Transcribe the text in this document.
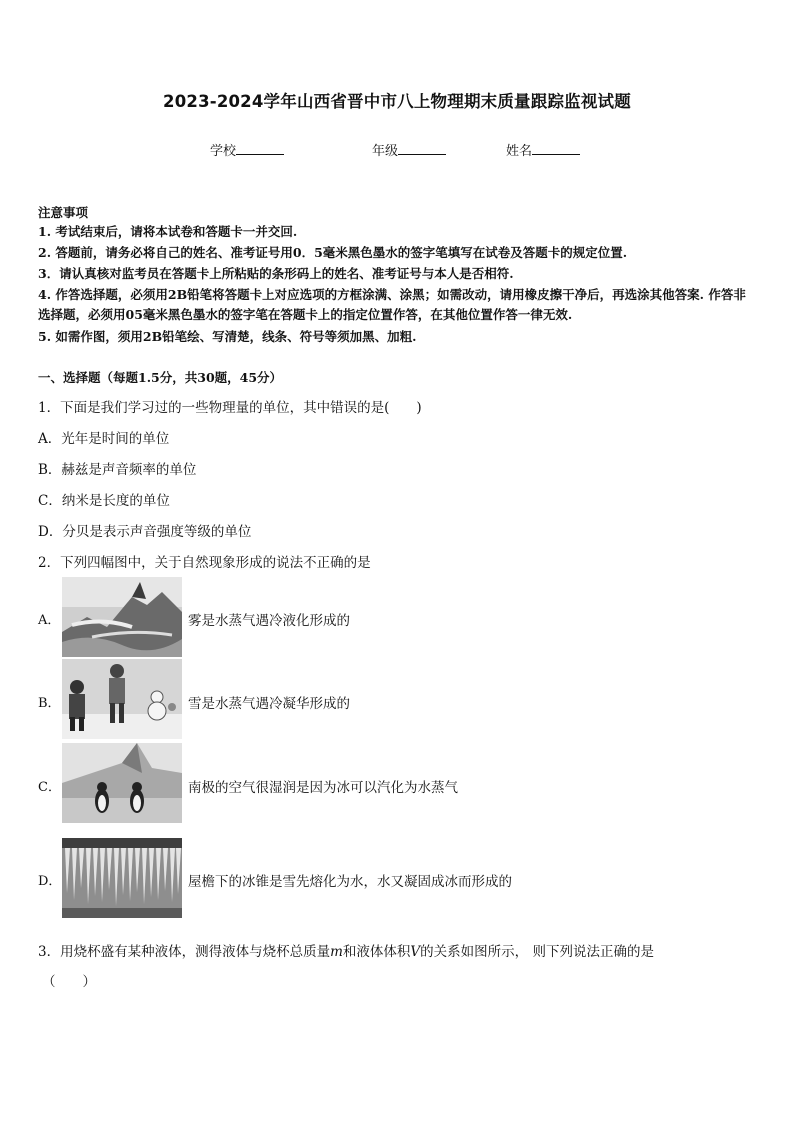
2023-2024学年山西省晋中市八上物理期末质量跟踪监视试题
学校	年级	姓名
注意事项
1. 考试结束后，请将本试卷和答题卡一并交回.
2. 答题前，请务必将自己的姓名、准考证号用0．5毫米黑色墨水的签字笔填写在试卷及答题卡的规定位置.
3．请认真核对监考员在答题卡上所粘贴的条形码上的姓名、准考证号与本人是否相符.
4. 作答选择题，必须用2B铅笔将答题卡上对应选项的方框涂满、涂黑；如需改动，请用橡皮擦干净后，再选涂其他答案. 作答非选择题，必须用05毫米黑色墨水的签字笔在答题卡上的指定位置作答，在其他位置作答一律无效.
5. 如需作图，须用2B铅笔绘、写清楚，线条、符号等须加黑、加粗.
一、选择题（每题1.5分，共30题，45分）
1．下面是我们学习过的一些物理量的单位，其中错误的是(　　)
A．光年是时间的单位
B．赫兹是声音频率的单位
C．纳米是长度的单位
D．分贝是表示声音强度等级的单位
2．下列四幅图中，关于自然现象形成的说法不正确的是
A．	雾是水蒸气遇冷液化形成的
B．	雪是水蒸气遇冷凝华形成的
C．	南极的空气很湿润是因为冰可以汽化为水蒸气
D．	屋檐下的冰锥是雪先熔化为水，水又凝固成冰而形成的
3．用烧杯盛有某种液体，测得液体与烧杯总质量m和液体体积V的关系如图所示， 则下列说法正确的是
（　　）
